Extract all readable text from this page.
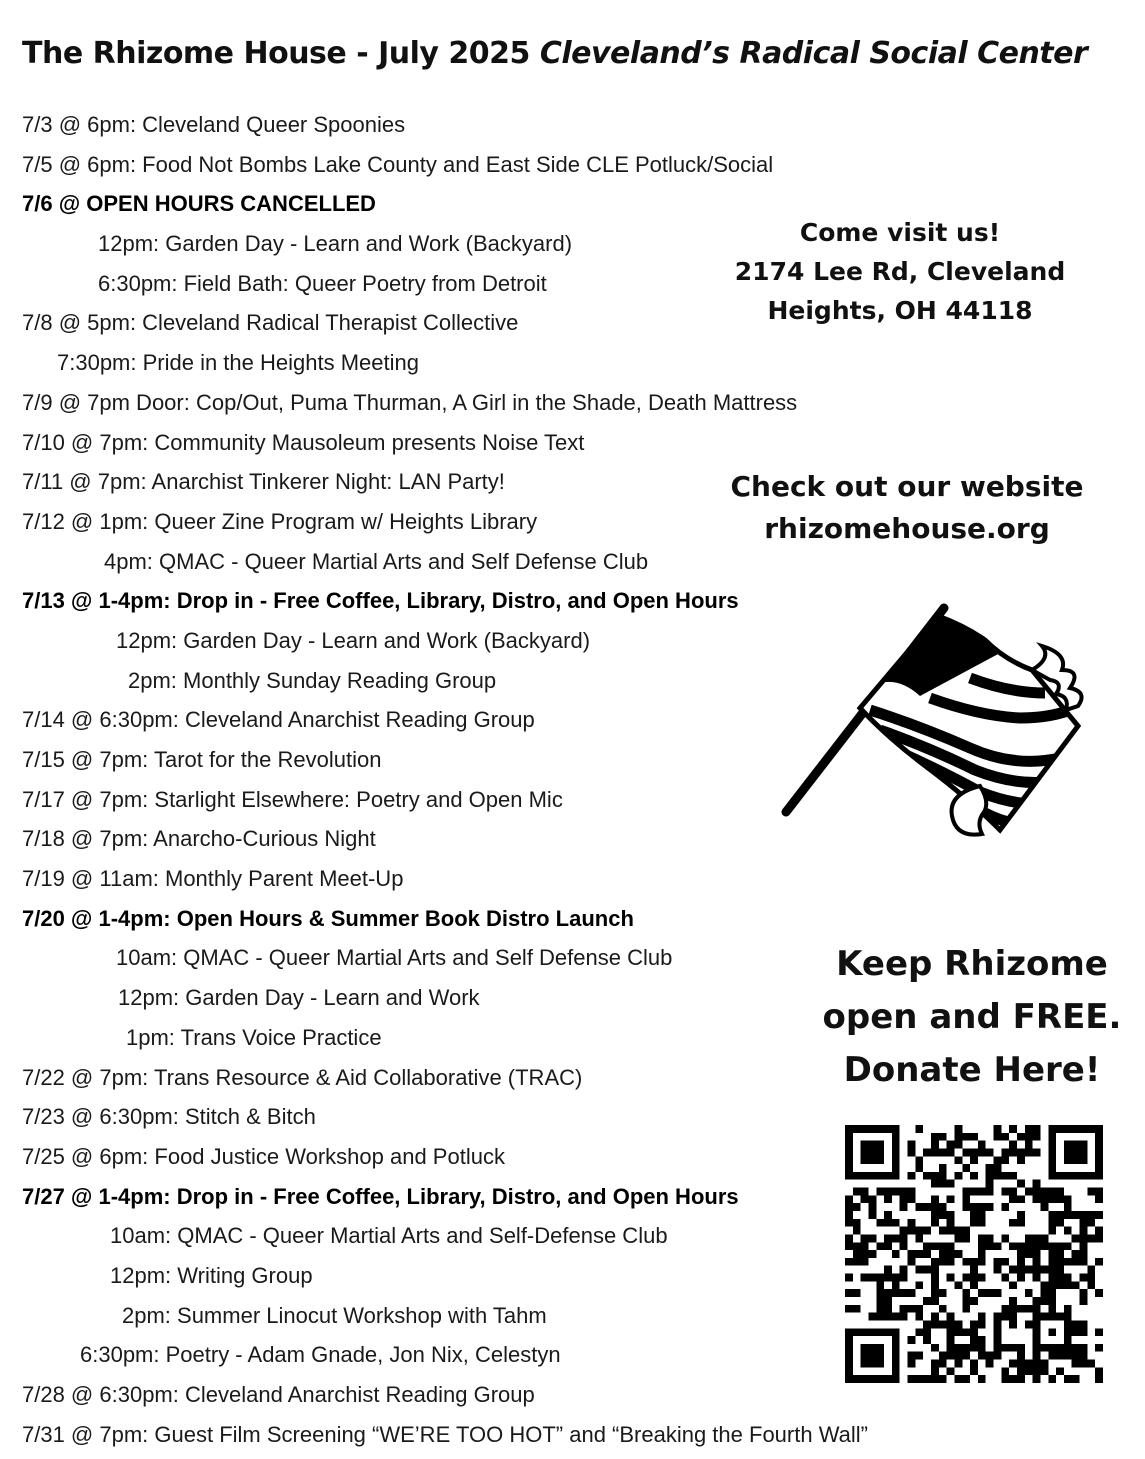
The Rhizome House - July 2025 Cleveland’s Radical Social Center
7/3 @ 6pm: Cleveland Queer Spoonies
7/5 @ 6pm: Food Not Bombs Lake County and East Side CLE Potluck/Social
7/6 @ OPEN HOURS CANCELLED
12pm: Garden Day - Learn and Work (Backyard)
6:30pm: Field Bath: Queer Poetry from Detroit
7/8 @ 5pm: Cleveland Radical Therapist Collective
7:30pm: Pride in the Heights Meeting
7/9 @ 7pm Door: Cop/Out, Puma Thurman, A Girl in the Shade, Death Mattress
7/10 @ 7pm: Community Mausoleum presents Noise Text
7/11 @ 7pm: Anarchist Tinkerer Night: LAN Party!
7/12 @ 1pm: Queer Zine Program w/ Heights Library
4pm: QMAC - Queer Martial Arts and Self Defense Club
7/13 @ 1-4pm: Drop in - Free Coffee, Library, Distro, and Open Hours
12pm: Garden Day - Learn and Work (Backyard)
2pm: Monthly Sunday Reading Group
7/14 @ 6:30pm: Cleveland Anarchist Reading Group
7/15 @ 7pm: Tarot for the Revolution
7/17 @ 7pm: Starlight Elsewhere: Poetry and Open Mic
7/18 @ 7pm: Anarcho-Curious Night
7/19 @ 11am: Monthly Parent Meet-Up
7/20 @ 1-4pm: Open Hours & Summer Book Distro Launch
10am: QMAC - Queer Martial Arts and Self Defense Club
12pm: Garden Day - Learn and Work
1pm: Trans Voice Practice
7/22 @ 7pm: Trans Resource & Aid Collaborative (TRAC)
7/23 @ 6:30pm: Stitch & Bitch
7/25 @ 6pm: Food Justice Workshop and Potluck
7/27 @ 1-4pm: Drop in - Free Coffee, Library, Distro, and Open Hours
10am: QMAC - Queer Martial Arts and Self-Defense Club
12pm: Writing Group
2pm: Summer Linocut Workshop with Tahm
6:30pm: Poetry - Adam Gnade, Jon Nix, Celestyn
7/28 @ 6:30pm: Cleveland Anarchist Reading Group
7/31 @ 7pm: Guest Film Screening “WE’RE TOO HOT” and “Breaking the Fourth Wall”
Come visit us!
2174 Lee Rd, Cleveland
Heights, OH 44118
Check out our website
rhizomehouse.org
Keep Rhizome
open and FREE.
Donate Here!
